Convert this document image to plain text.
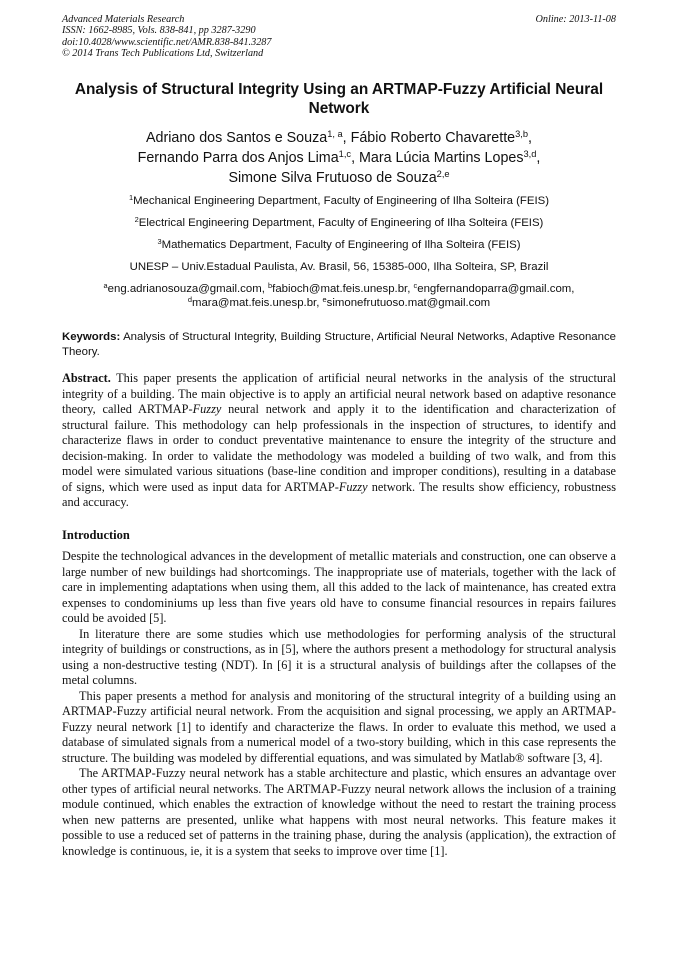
Advanced Materials Research
ISSN: 1662-8985, Vols. 838-841, pp 3287-3290
doi:10.4028/www.scientific.net/AMR.838-841.3287
© 2014 Trans Tech Publications Ltd, Switzerland
Online: 2013-11-08
Analysis of Structural Integrity Using an ARTMAP-Fuzzy Artificial Neural Network
Adriano dos Santos e Souza$^{1, a}$, Fábio Roberto Chavarette$^{3,b}$,
Fernando Parra dos Anjos Lima$^{1,c}$, Mara Lúcia Martins Lopes$^{3,d}$,
Simone Silva Frutuoso de Souza$^{2,e}$
$^1$Mechanical Engineering Department, Faculty of Engineering of Ilha Solteira (FEIS)
$^2$Electrical Engineering Department, Faculty of Engineering of Ilha Solteira (FEIS)
$^3$Mathematics Department, Faculty of Engineering of Ilha Solteira (FEIS)
UNESP – Univ.Estadual Paulista, Av. Brasil, 56, 15385-000, Ilha Solteira, SP, Brazil
$^a$eng.adrianosouza@gmail.com, $^b$fabioch@mat.feis.unesp.br, $^c$engfernandoparra@gmail.com,
$^d$mara@mat.feis.unesp.br, $^e$simonefrutuoso.mat@gmail.com
Keywords: Analysis of Structural Integrity, Building Structure, Artificial Neural Networks, Adaptive Resonance Theory.
Abstract. This paper presents the application of artificial neural networks in the analysis of the structural integrity of a building. The main objective is to apply an artificial neural network based on adaptive resonance theory, called ARTMAP-Fuzzy neural network and apply it to the identification and characterization of structural failure. This methodology can help professionals in the inspection of structures, to identify and characterize flaws in order to conduct preventative maintenance to ensure the integrity of the structure and decision-making. In order to validate the methodology was modeled a building of two walk, and from this model were simulated various situations (base-line condition and improper conditions), resulting in a database of signs, which were used as input data for ARTMAP-Fuzzy network. The results show efficiency, robustness and accuracy.
Introduction

Despite the technological advances in the development of metallic materials and construction, one can observe a large number of new buildings had shortcomings. The inappropriate use of materials, together with the lack of care in implementing adaptations when using them, all this added to the lack of maintenance, has created extra expenses to condominiums up less than five years old have to consume financial resources in repairs failures could be avoided [5].

In literature there are some studies which use methodologies for performing analysis of the structural integrity of buildings or constructions, as in [5], where the authors present a methodology for structural analysis using a non-destructive testing (NDT). In [6] it is a structural analysis of buildings after the collapses of the metal columns.

This paper presents a method for analysis and monitoring of the structural integrity of a building using an ARTMAP-Fuzzy artificial neural network. From the acquisition and signal processing, we apply an ARTMAP-Fuzzy neural network [1] to identify and characterize the flaws. In order to evaluate this method, we used a database of simulated signals from a numerical model of a two-story building, which in this case represents the structure. The building was modeled by differential equations, and was simulated by Matlab® software [3, 4].

The ARTMAP-Fuzzy neural network has a stable architecture and plastic, which ensures an advantage over other types of artificial neural networks. The ARTMAP-Fuzzy neural network allows the inclusion of a training module continued, which enables the extraction of knowledge without the need to restart the training process when new patterns are presented, unlike what happens with most neural networks. This feature makes it possible to use a reduced set of patterns in the training phase, during the analysis (application), the extraction of knowledge is continuous, ie, it is a system that seeks to improve over time [1].
